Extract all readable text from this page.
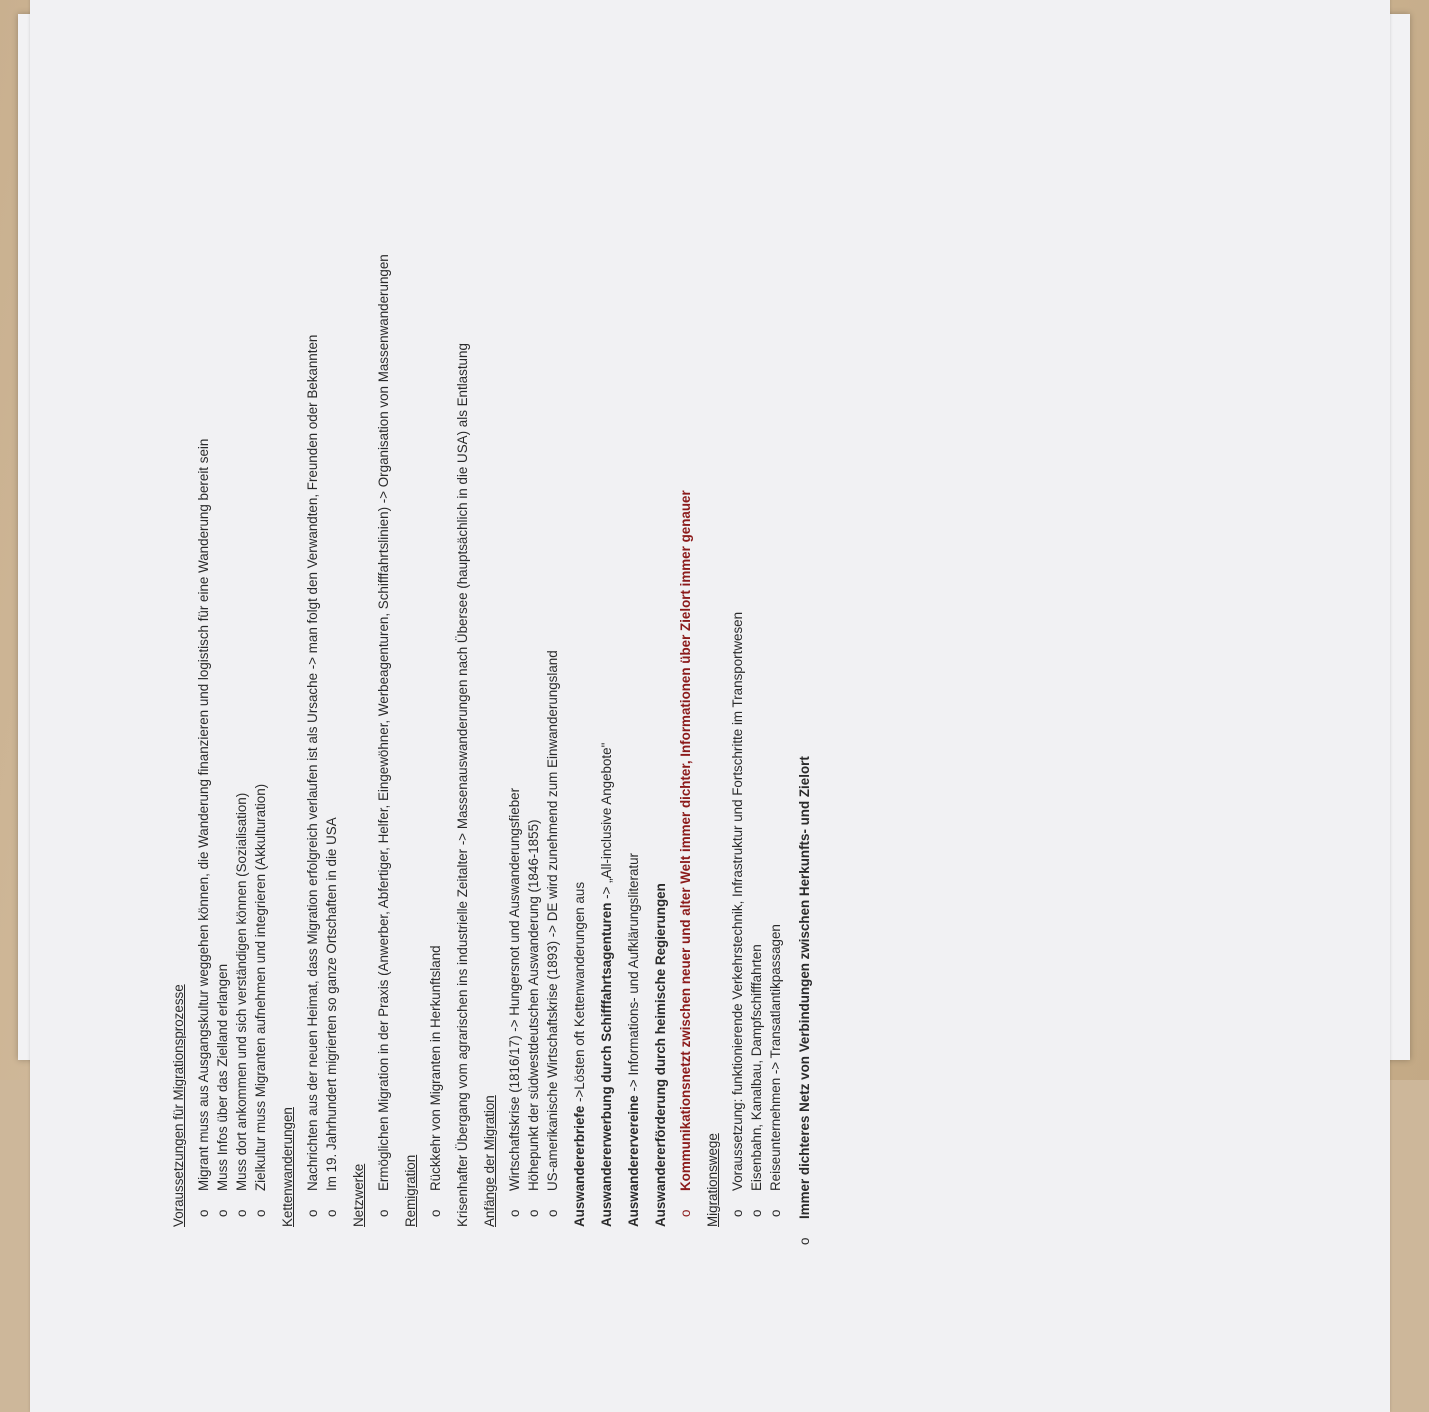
Voraussetzungen für Migrationsprozesse o Migrant muss aus Ausgangskultur weggehen können, die Wanderung finanzieren und logistisch für eine Wanderung bereit sein o Muss Infos über das Zielland erlangen o Muss dort ankommen und sich verständigen können (Sozialisation) o Zielkultur muss Migranten aufnehmen und integrieren (Akkulturation) Kettenwanderungen o Nachrichten aus der neuen Heimat, dass Migration erfolgreich verlaufen ist als Ursache -> man folgt den Verwandten, Freunden oder Bekannten o Im 19. Jahrhundert migrierten so ganze Ortschaften in die USA
Netzwerke
o Ermöglichen Migration in der Praxis (Anwerber, Abfertiger, Helfer, Eingewöhner, Werbeagenturen, Schifffahrtslinien) -> Organisation von Massenwanderungen Remigration o Rückkehr von Migranten in Herkunftsland Krisenhafter Übergang vom agrarischen ins industrielle Zeitalter -> Massenauswanderungen nach Übersee (hauptsächlich in die USA) als Entlastung Anfänge der Migration o Wirtschaftskrise (1816/17) -> Hungersnot und Auswanderungsfieber o Höhepunkt der südwestdeutschen Auswanderung (1846-1855) o US-amerikanische Wirtschaftskrise (1893) -> DE wird zunehmend zum Einwanderungsland Auswandererbriefe ->Lösten oft Kettenwanderungen aus Auswandererwerbung durch Schifffahrtsagenturen -> „All-inclusive Angebote"
Auswanderervereine -> Informations- und Aufklärungsliteratur Auswandererförderung durch heimische Regierungen o Kommunikationsnetzt zwischen neuer und alter Welt immer dichter, Informationen über Zielort immer genauer Migrationswege o Voraussetzung: funktionierende Verkehrstechnik, Infrastruktur und Fortschritte im Transportwesen o Eisenbahn, Kanalbau, Dampfschifffahrten o Reiseunternehmen -> Transatlantikpassagen o Immer dichteres Netz von Verbindungen zwischen Herkunfts- und Zielort
